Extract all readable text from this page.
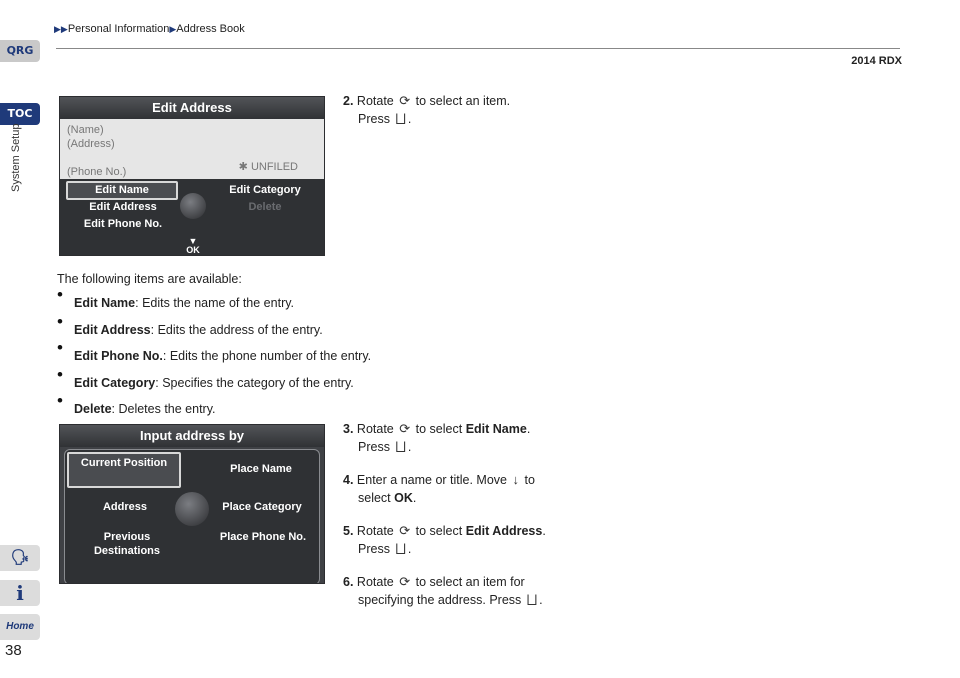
QRG
TOC
System Setup
🗣
i
Home
38
▶▶Personal Information▶Address Book
2014 RDX
Edit Address
(Name)
(Address)
(Phone No.)	✱ UNFILED
Edit Name
Edit Address
Edit Phone No.
Edit Category
Delete
▼
OK
2. Rotate ⟳ to select an item.
Press ⨆ .
The following items are available:
• Edit Name: Edits the name of the entry.
• Edit Address: Edits the address of the entry.
• Edit Phone No.: Edits the phone number of the entry.
• Edit Category: Specifies the category of the entry.
• Delete: Deletes the entry.
Input address by
Current Position	Place Name
Address	Place Category
Previous Destinations
Place Phone No.
3. Rotate ⟳ to select Edit Name.
Press ⨆ .
4. Enter a name or title. Move ↓ to
select OK.
5. Rotate ⟳ to select Edit Address.
Press ⨆ .
6. Rotate ⟳ to select an item for
specifying the address. Press ⨆ .
